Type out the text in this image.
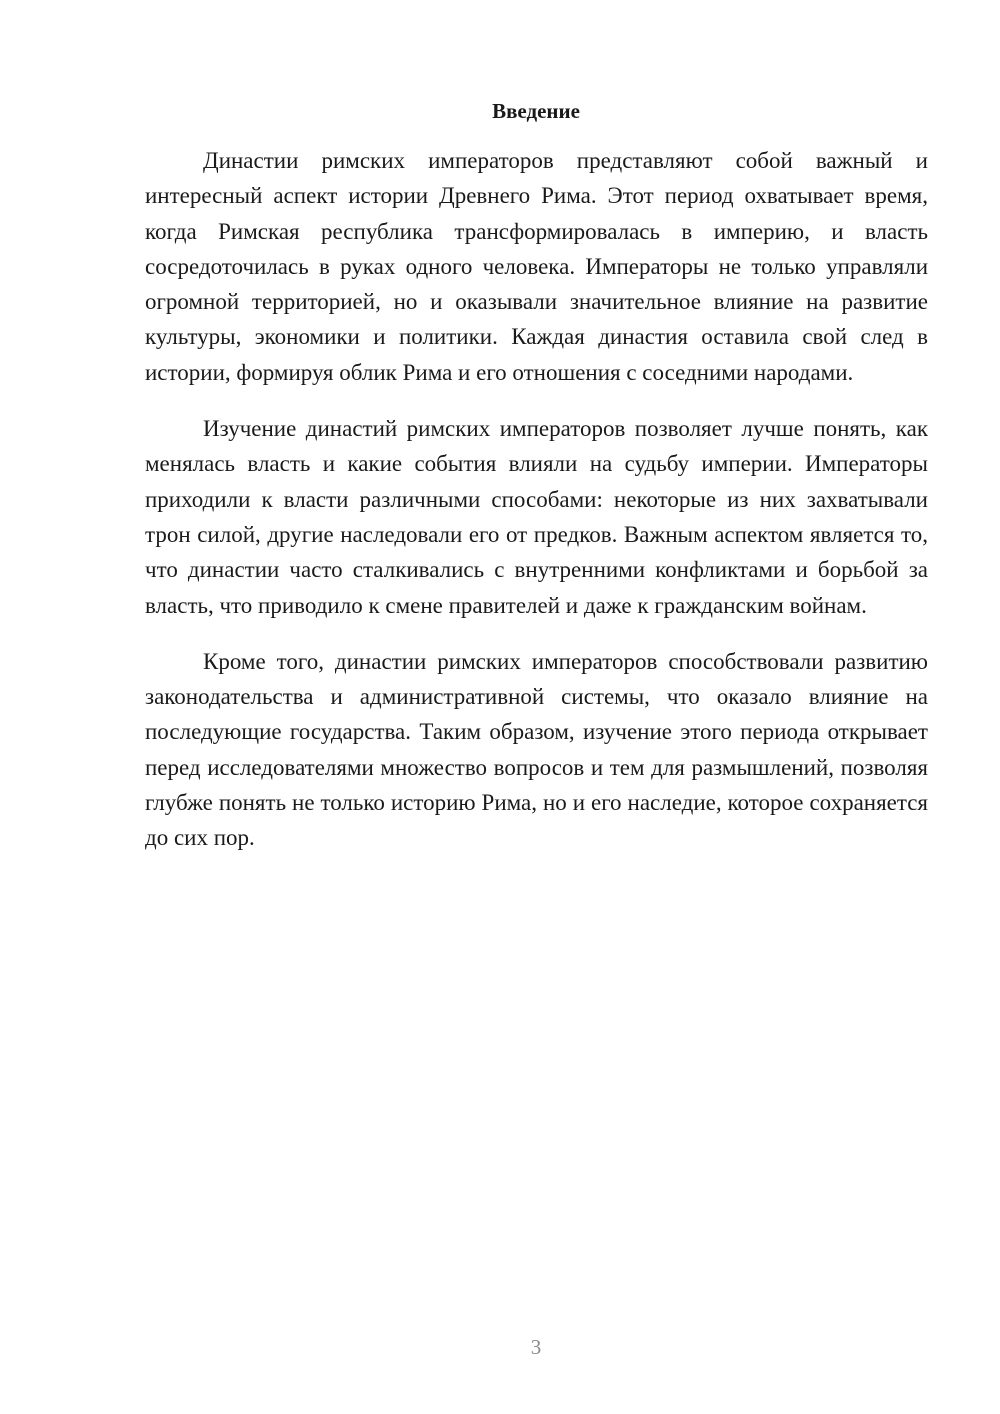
Введение

Династии римских императоров представляют собой важный и интересный аспект истории Древнего Рима. Этот период охватывает время, когда Римская республика трансформировалась в империю, и власть сосредоточилась в руках одного человека. Императоры не только управляли огромной территорией, но и оказывали значительное влияние на развитие культуры, экономики и политики. Каждая династия оставила свой след в истории, формируя облик Рима и его отношения с соседними народами.

Изучение династий римских императоров позволяет лучше понять, как менялась власть и какие события влияли на судьбу империи. Императоры приходили к власти различными способами: некоторые из них захватывали трон силой, другие наследовали его от предков. Важным аспектом является то, что династии часто сталкивались с внутренними конфликтами и борьбой за власть, что приводило к смене правителей и даже к гражданским войнам.

Кроме того, династии римских императоров способствовали развитию законодательства и административной системы, что оказало влияние на последующие государства. Таким образом, изучение этого периода открывает перед исследователями множество вопросов и тем для размышлений, позволяя глубже понять не только историю Рима, но и его наследие, которое сохраняется до сих пор.

3
